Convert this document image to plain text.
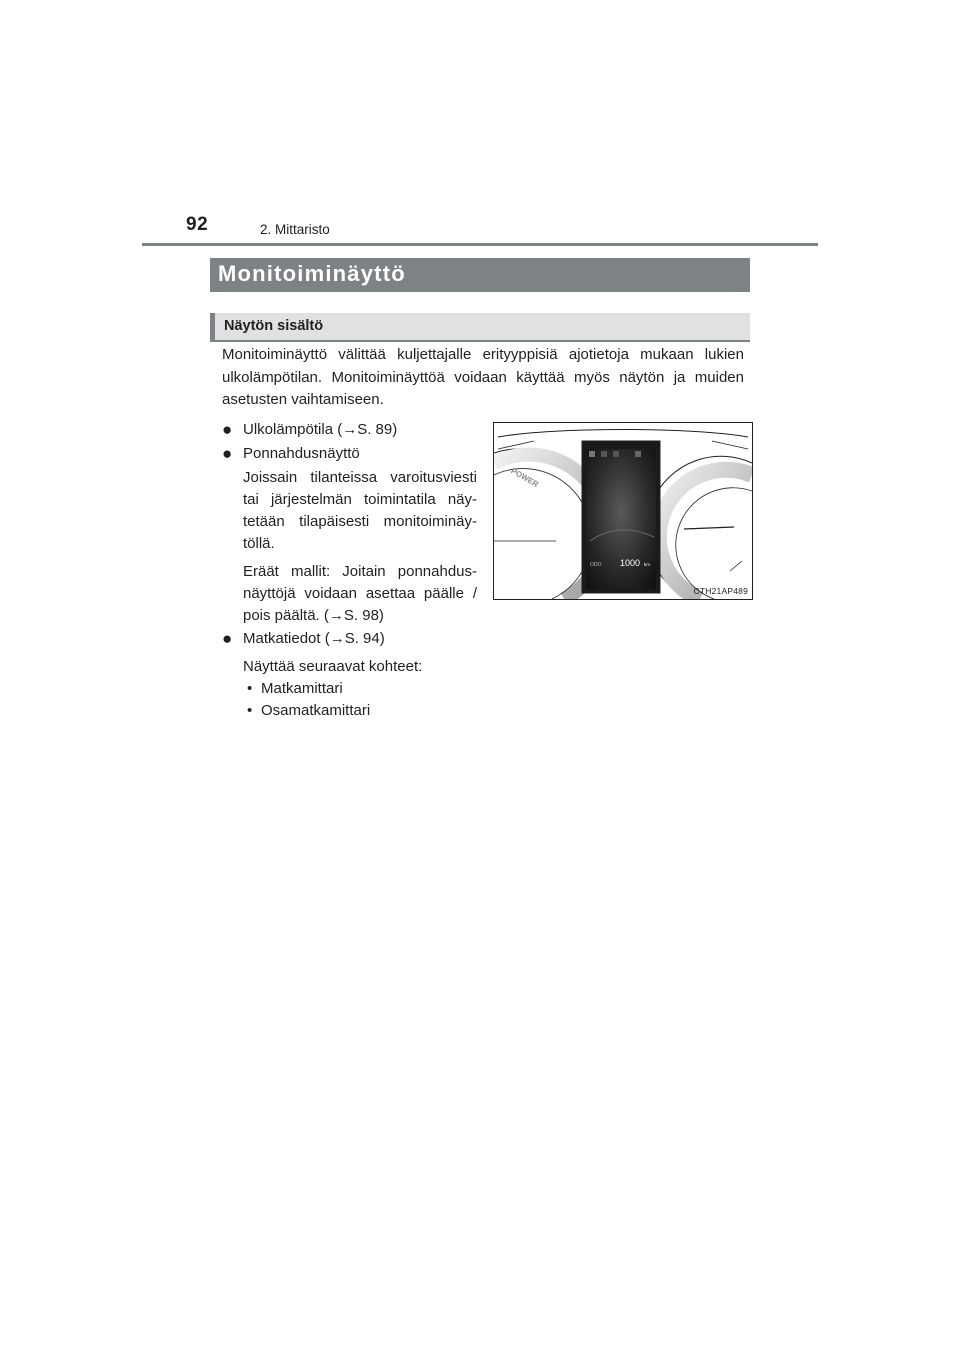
92	2. Mittaristo
Monitoiminäyttö
Näytön sisältö

Monitoiminäyttö välittää kuljettajalle erityyppisiä ajotietoja mukaan lukien ulkolämpötilan. Monitoiminäyttöä voidaan käyttää myös näytön ja muiden asetusten vaihtamiseen.

● Ulkolämpötila (→S. 89)
● Ponnahdusnäyttö

Joissain tilanteissa varoitusviesti tai järjestelmän toimintatila näy-tetään tilapäisesti monitoiminäy-töllä.

Eräät mallit: Joitain ponnahdus-näyttöjä voidaan asettaa päälle / pois päältä. (→S. 98)

● Matkatiedot (→S. 94)

Näyttää seuraavat kohteet:

• Matkamittari
• Osamatkamittari
POWER
ODO 1000 km
CTH21AP489
